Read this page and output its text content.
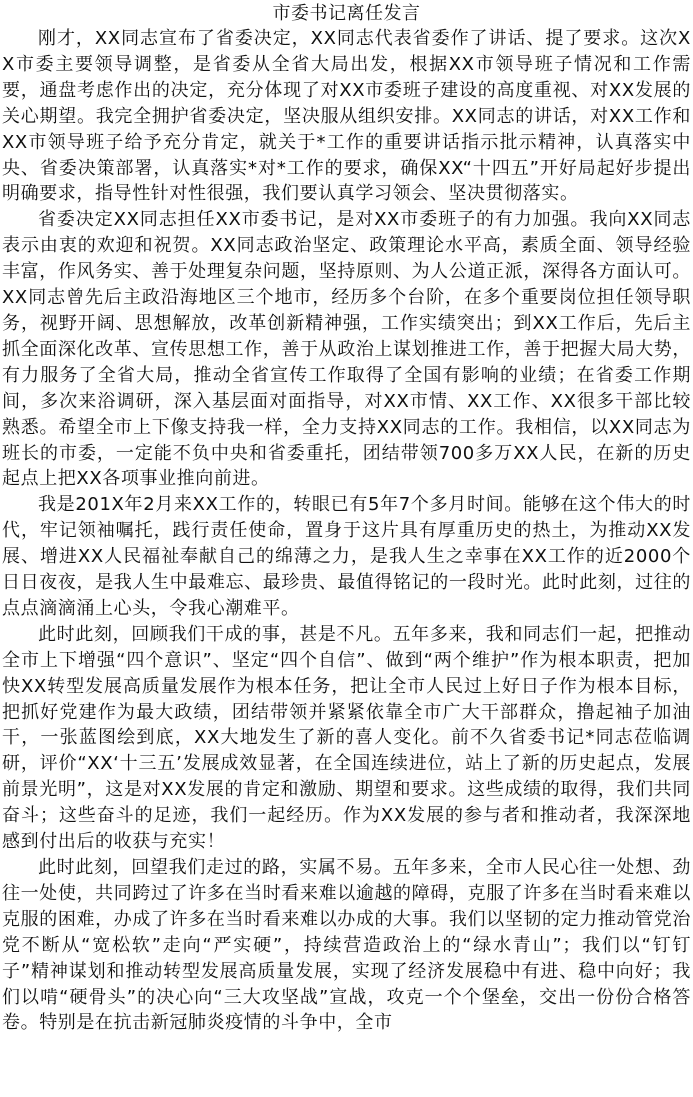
市委书记离任发言

刚才，XX同志宣布了省委决定，XX同志代表省委作了讲话、提了要求。这次XX市委主要领导调整，是省委从全省大局出发，根据XX市领导班子情况和工作需要，通盘考虑作出的决定，充分体现了对XX市委班子建设的高度重视、对XX发展的关心期望。我完全拥护省委决定，坚决服从组织安排。XX同志的讲话，对XX工作和XX市领导班子给予充分肯定，就关于*工作的重要讲话指示批示精神，认真落实中央、省委决策部署，认真落实*对*工作的要求，确保XX“十四五”开好局起好步提出明确要求，指导性针对性很强，我们要认真学习领会、坚决贯彻落实。

省委决定XX同志担任XX市委书记，是对XX市委班子的有力加强。我向XX同志表示由衷的欢迎和祝贺。XX同志政治坚定、政策理论水平高，素质全面、领导经验丰富，作风务实、善于处理复杂问题，坚持原则、为人公道正派，深得各方面认可。XX同志曾先后主政沿海地区三个地市，经历多个台阶，在多个重要岗位担任领导职务，视野开阔、思想解放，改革创新精神强，工作实绩突出；到XX工作后，先后主抓全面深化改革、宣传思想工作，善于从政治上谋划推进工作，善于把握大局大势，有力服务了全省大局，推动全省宣传工作取得了全国有影响的业绩；在省委工作期间，多次来浴调研，深入基层面对面指导，对XX市情、XX工作、XX很多干部比较熟悉。希望全市上下像支持我一样，全力支持XX同志的工作。我相信，以XX同志为班长的市委，一定能不负中央和省委重托，团结带领700多万XX人民，在新的历史起点上把XX各项事业推向前进。

我是201X年2月来XX工作的，转眼已有5年7个多月时间。能够在这个伟大的时代，牢记领袖嘱托，践行责任使命，置身于这片具有厚重历史的热土，为推动XX发展、增进XX人民福祉奉献自己的绵薄之力，是我人生之幸事在XX工作的近2000个日日夜夜，是我人生中最难忘、最珍贵、最值得铭记的一段时光。此时此刻，过往的点点滴滴涌上心头，令我心潮难平。

此时此刻，回顾我们干成的事，甚是不凡。五年多来，我和同志们一起，把推动全市上下增强“四个意识”、坚定“四个自信”、做到“两个维护”作为根本职责，把加快XX转型发展高质量发展作为根本任务，把让全市人民过上好日子作为根本目标，把抓好党建作为最大政绩，团结带领并紧紧依靠全市广大干部群众，撸起袖子加油干，一张蓝图绘到底，XX大地发生了新的喜人变化。前不久省委书记*同志莅临调研，评价“XX‘十三五’发展成效显著，在全国连续进位，站上了新的历史起点，发展前景光明”，这是对XX发展的肯定和激励、期望和要求。这些成绩的取得，我们共同奋斗；这些奋斗的足迹，我们一起经历。作为XX发展的参与者和推动者，我深深地感到付出后的收获与充实！

此时此刻，回望我们走过的路，实属不易。五年多来，全市人民心往一处想、劲往一处使，共同跨过了许多在当时看来难以逾越的障碍，克服了许多在当时看来难以克服的困难，办成了许多在当时看来难以办成的大事。我们以坚韧的定力推动管党治党不断从“宽松软”走向“严实硬”，持续营造政治上的“绿水青山”；我们以“钉钉子”精神谋划和推动转型发展高质量发展，实现了经济发展稳中有进、稳中向好；我们以啃“硬骨头”的决心向“三大攻坚战”宣战，攻克一个个堡垒，交出一份份合格答卷。特别是在抗击新冠肺炎疫情的斗争中，全市
